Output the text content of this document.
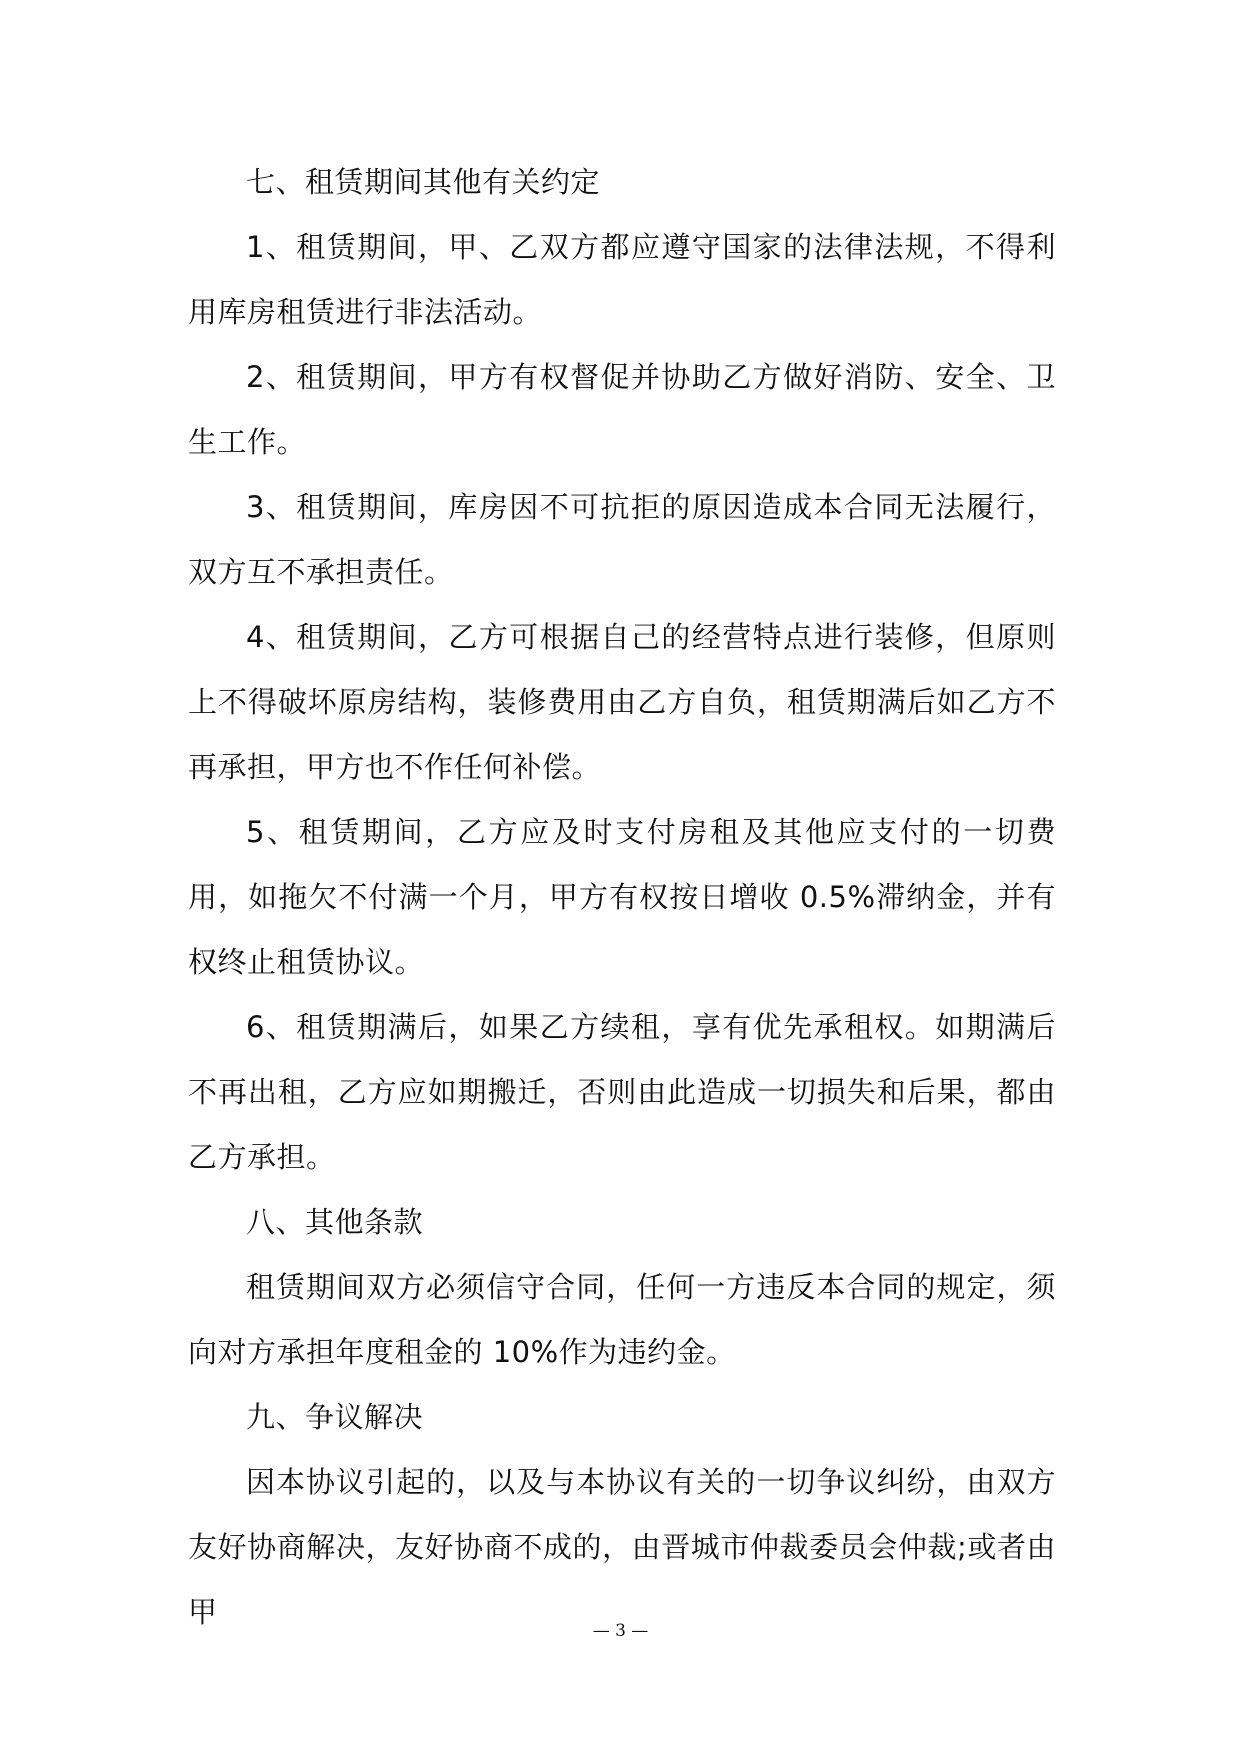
七、租赁期间其他有关约定

1、租赁期间，甲、乙双方都应遵守国家的法律法规，不得利用库房租赁进行非法活动。

2、租赁期间，甲方有权督促并协助乙方做好消防、安全、卫生工作。

3、租赁期间，库房因不可抗拒的原因造成本合同无法履行，双方互不承担责任。

4、租赁期间，乙方可根据自己的经营特点进行装修，但原则上不得破坏原房结构，装修费用由乙方自负，租赁期满后如乙方不再承担，甲方也不作任何补偿。

5、租赁期间，乙方应及时支付房租及其他应支付的一切费用，如拖欠不付满一个月，甲方有权按日增收 0.5%滞纳金，并有权终止租赁协议。

6、租赁期满后，如果乙方续租，享有优先承租权。如期满后不再出租，乙方应如期搬迁，否则由此造成一切损失和后果，都由乙方承担。

八、其他条款

租赁期间双方必须信守合同，任何一方违反本合同的规定，须向对方承担年度租金的 10%作为违约金。

九、争议解决

因本协议引起的，以及与本协议有关的一切争议纠纷，由双方友好协商解决，友好协商不成的，由晋城市仲裁委员会仲裁;或者由甲

— 3 —
